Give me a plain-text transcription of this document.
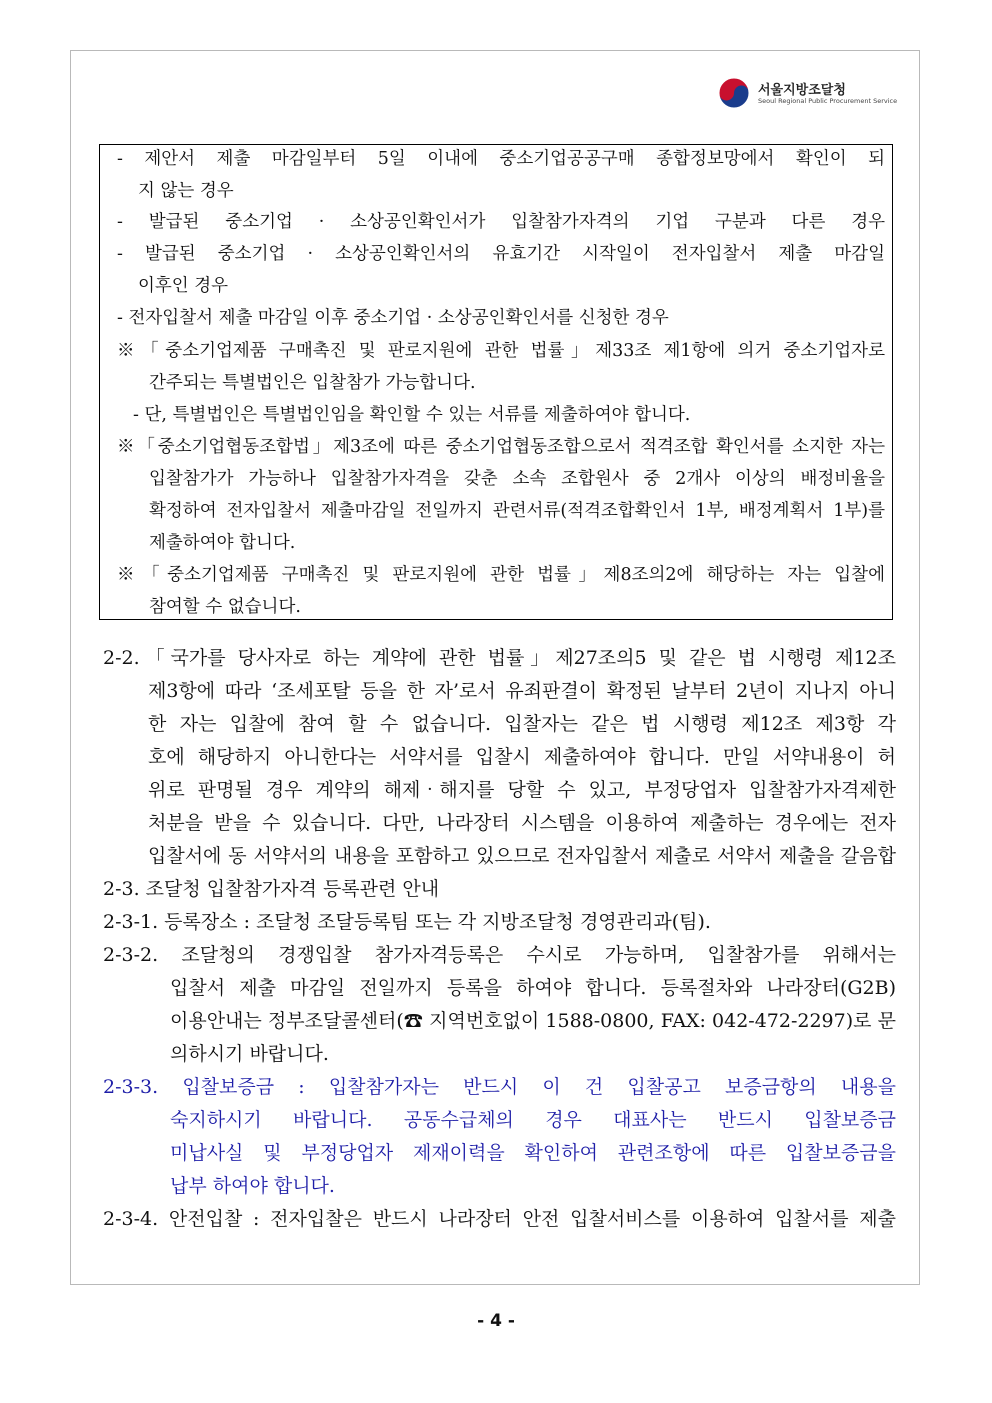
서울지방조달청
Seoul Regional Public Procurement Service
- 제안서 제출 마감일부터 5일 이내에 중소기업공공구매 종합정보망에서 확인이 되
지 않는 경우
- 발급된 중소기업 · 소상공인확인서가 입찰참가자격의 기업 구분과 다른 경우
- 발급된 중소기업 · 소상공인확인서의 유효기간 시작일이 전자입찰서 제출 마감일
이후인 경우
- 전자입찰서 제출 마감일 이후 중소기업 · 소상공인확인서를 신청한 경우
※「중소기업제품 구매촉진 및 판로지원에 관한 법률」제33조 제1항에 의거 중소기업자로
간주되는 특별법인은 입찰참가 가능합니다.
- 단, 특별법인은 특별법인임을 확인할 수 있는 서류를 제출하여야 합니다.
※「중소기업협동조합법」제3조에 따른 중소기업협동조합으로서 적격조합 확인서를 소지한 자는
입찰참가가 가능하나 입찰참가자격을 갖춘 소속 조합원사 중 2개사 이상의 배정비율을
확정하여 전자입찰서 제출마감일 전일까지 관련서류(적격조합확인서 1부, 배정계획서 1부)를
제출하여야 합니다.
※「중소기업제품 구매촉진 및 판로지원에 관한 법률」제8조의2에 해당하는 자는 입찰에
참여할 수 없습니다.
2-2.「국가를 당사자로 하는 계약에 관한 법률」제27조의5 및 같은 법 시행령 제12조
제3항에 따라 ‘조세포탈 등을 한 자’로서 유죄판결이 확정된 날부터 2년이 지나지 아니
한 자는 입찰에 참여 할 수 없습니다. 입찰자는 같은 법 시행령 제12조 제3항 각
호에 해당하지 아니한다는 서약서를 입찰시 제출하여야 합니다. 만일 서약내용이 허
위로 판명될 경우 계약의 해제‧해지를 당할 수 있고, 부정당업자 입찰참가자격제한
처분을 받을 수 있습니다. 다만, 나라장터 시스템을 이용하여 제출하는 경우에는 전자
입찰서에 동 서약서의 내용을 포함하고 있으므로 전자입찰서 제출로 서약서 제출을 갈음합
2-3. 조달청 입찰참가자격 등록관련 안내
2-3-1. 등록장소 : 조달청 조달등록팀 또는 각 지방조달청 경영관리과(팀).
2-3-2. 조달청의 경쟁입찰 참가자격등록은 수시로 가능하며, 입찰참가를 위해서는
입찰서 제출 마감일 전일까지 등록을 하여야 합니다. 등록절차와 나라장터(G2B)
이용안내는 정부조달콜센터(☎ 지역번호없이 1588-0800, FAX: 042-472-2297)로 문
의하시기 바랍니다.
2-3-3. 입찰보증금 : 입찰참가자는 반드시 이 건 입찰공고 보증금항의 내용을
숙지하시기 바랍니다. 공동수급체의 경우 대표사는 반드시 입찰보증금
미납사실 및 부정당업자 제재이력을 확인하여 관련조항에 따른 입찰보증금을
납부 하여야 합니다.
2-3-4. 안전입찰 : 전자입찰은 반드시 나라장터 안전 입찰서비스를 이용하여 입찰서를 제출
- 4 -
